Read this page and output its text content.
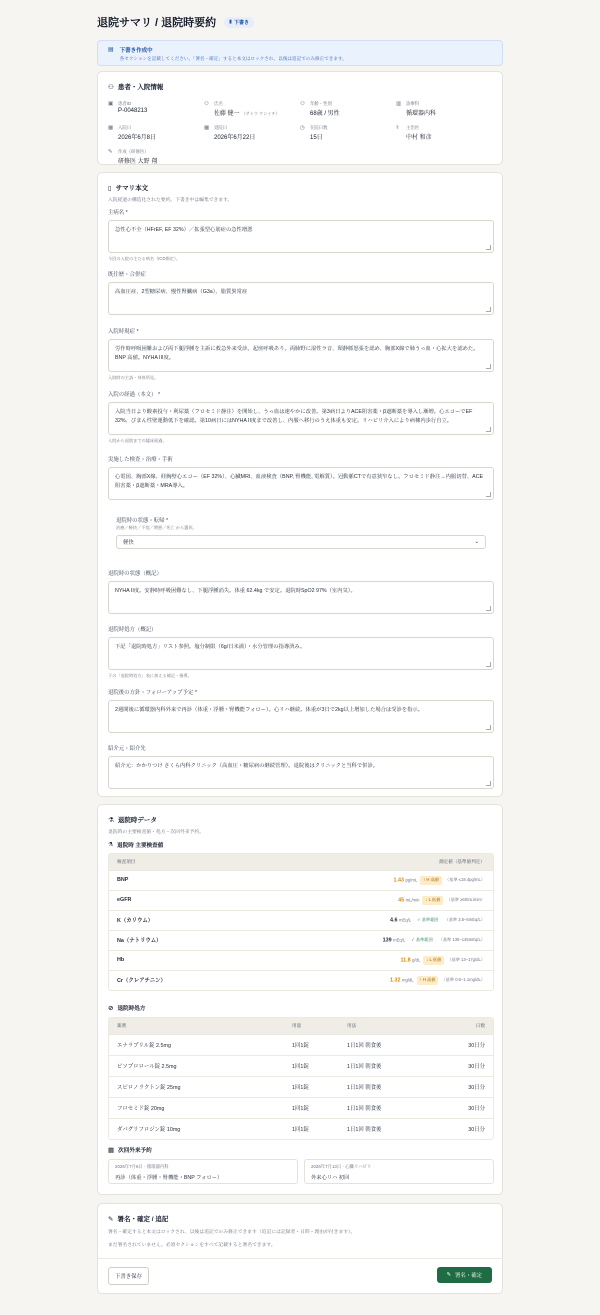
退院サマリ / 退院時要約	▮ 下書き
▤ 下書き作成中
各セクションを記載してください。「署名・確定」すると本文はロックされ、以後は追記でのみ修正できます。
⚇ 患者・入院情報
▣ 患者ID
P-0048213
⚇ 氏名
佐藤 健一 （サトウ ケンイチ）
⚇ 年齢・性別
68歳 / 男性
▥ 診療科
循環器内科
▦ 入院日
2026年6月8日
▦ 退院日
2026年6月22日
◷ 在院日数
15日
⚕	主治医
中村 和彦
✎	作成（研修医）
研修医 大野 翔
▯ サマリ本文
入院経過の構造化された要約。下書き中は編集できます。
主病名 *
急性心不全（HFrEF, EF 32%）／拡張型心筋症の急性増悪
今回の入院の主たる病名（ICD指定）。
既往歴・合併症
高血圧症、2型糖尿病、慢性腎臓病（G3a）、脂質異常症
入院時現症 *
労作時呼吸困難および両下腿浮腫を主訴に救急外来受診。起座呼吸あり。両肺野に湿性ラ音、頸静脈怒張を認め、胸部X線で肺うっ血・心拡大を認めた。BNP 高値。NYHA III度。
入院時の主訴・身体所見。
入院の経過（本文） *
入院当日より酸素投与・利尿薬（フロセミド静注）を開始し、うっ血は速やかに改善。第3病日よりACE阻害薬・β遮断薬を導入し漸増。心エコーでEF 32%、びまん性壁運動低下を確認。第10病日にはNYHA II度まで改善し、内服へ移行のうえ体重も安定。リハビリ介入により病棟内歩行自立。
入院から退院までの臨床経過。
実施した検査・治療・手術
心電図、胸部X線、経胸壁心エコー（EF 32%）、心臓MRI、血液検査（BNP, 腎機能, 電解質）。冠動脈CTで有意狭窄なし。フロセミド静注→内服切替、ACE阻害薬・β遮断薬・MRA導入。
退院時の状態・転帰 *
治癒／軽快／不変／増悪／死亡 から選択。
軽快	⌄
退院時の状態（概記）
NYHA II度。安静時呼吸困難なし、下腿浮腫消失。体重 62.4kg で安定。退院時SpO2 97%（室内気）。
退院時処方（概記）
下記「退院時処方」リスト参照。塩分制限（6g/日未満）・水分管理の指導済み。
下の「退院時処方」表に加える補足・指導。
退院後の方針・フォローアップ予定 *
2週間後に循環器内科外来で再診（体重・浮腫・腎機能フォロー）。心リハ継続。体重が3日で2kg以上増加した場合は受診を指示。
紹介元・紹介先
紹介元：かかりつけ さくら内科クリニック（高血圧・糖尿病の継続管理）。退院後はクリニックと当科で併診。
⚗ 退院時データ
退院時の主要検査値・処方・次回外来予約。
⚗ 退院時 主要検査値
検査項目	測定値（基準値判定）
BNP	1.43 pg/mL ↑ H 高値 （基準 ≤18.4pg/mL）
eGFR	45 mL/min ↓ L 低値 （基準 ≥60mL/min）
K（カリウム）	4.6 mEq/L ✓ 基準範囲 （基準 3.5–5mEq/L）
Na（ナトリウム）	139 mEq/L ✓ 基準範囲 （基準 135–145mEq/L）
Hb	11.8 g/dL ↓ L 低値 （基準 13–17g/dL）
Cr（クレアチニン）	1.32 mg/dL ↑ H 高値 （基準 0.6–1.1mg/dL）
⊘ 退院時処方
薬剤	用量	用法	日数
エナラプリル錠 2.5mg	1回1錠	1日1回 朝食後	30日分
ビソプロロール錠 2.5mg	1回1錠	1日1回 朝食後	30日分
スピロノラクトン錠 25mg	1回1錠	1日1回 朝食後	30日分
フロセミド錠 20mg	1回1錠	1日1回 朝食後	30日分
ダパグリフロジン錠 10mg	1回1錠	1日1回 朝食後	30日分
▦ 次回外来予約
2026年7月6日 · 循環器内科
再診（体重・浮腫・腎機能・BNP フォロー）
2026年7月13日 · 心臓リハビリ
外来心リハ 初回
✎ 署名・確定 / 追記
署名・確定すると本文はロックされ、以後は追記でのみ修正できます（追記には記録者・日時・理由が付きます）。
まだ署名されていません。必須セクションをすべて記載すると署名できます。
下書き保存	✎ 署名・確定
